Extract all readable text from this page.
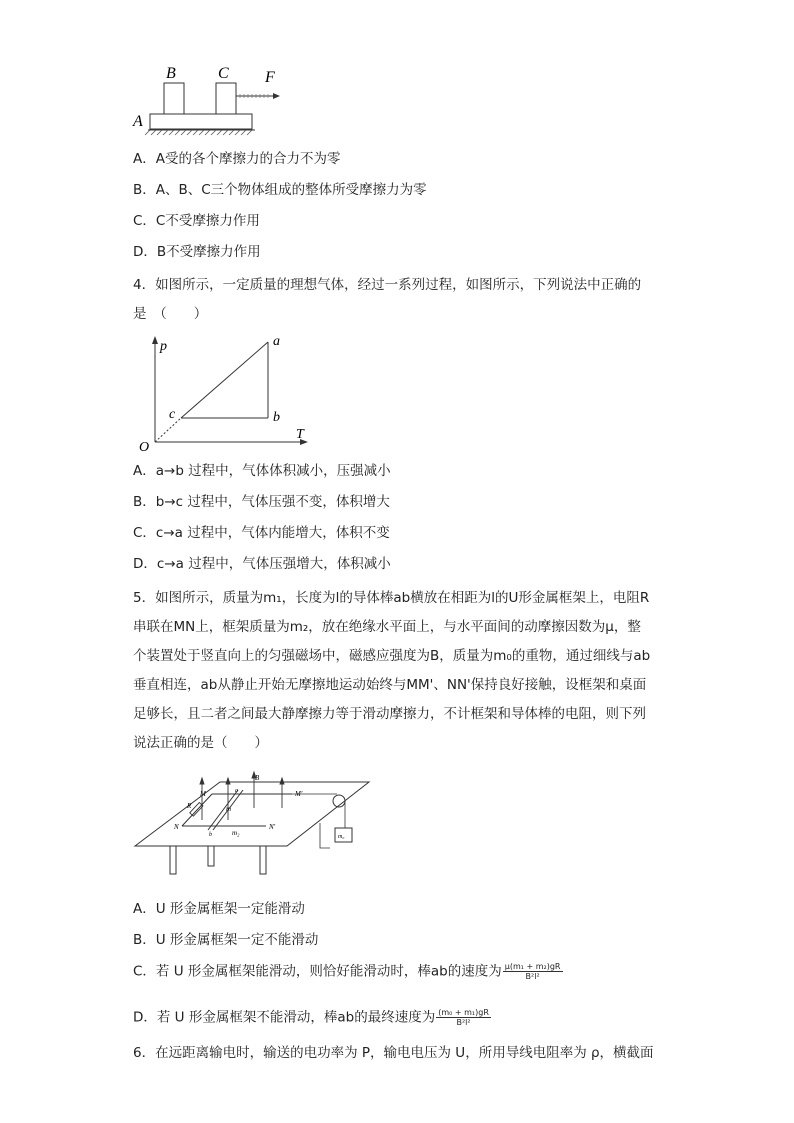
B	C F
A
A．A受的各个摩擦力的合力不为零
B．A、B、C三个物体组成的整体所受摩擦力为零
C．C不受摩擦力作用
D．B不受摩擦力作用
4．如图所示，一定质量的理想气体，经过一系列过程，如图所示，下列说法中正确的
是　（　　）
p
T
O
a
b
c
A．a→b 过程中，气体体积减小，压强减小
B．b→c 过程中，气体压强不变，体积增大
C．c→a 过程中，气体内能增大，体积不变
D．c→a 过程中，气体压强增大，体积减小
5．如图所示，质量为m₁，长度为l的导体棒ab横放在相距为l的U形金属框架上，电阻R
串联在MN上，框架质量为m₂，放在绝缘水平面上，与水平面间的动摩擦因数为μ，整
个装置处于竖直向上的匀强磁场中，磁感应强度为B，质量为m₀的重物，通过细线与ab
垂直相连，ab从静止开始无摩擦地运动始终与MM'、NN'保持良好接触，设框架和桌面
足够长，且二者之间最大静摩擦力等于滑动摩擦力，不计框架和导体棒的电阻，则下列
说法正确的是（　　）
B
M	M'
N	N'
R
a
b
m
m₂	m₀
A．U 形金属框架一定能滑动
B．U 形金属框架一定不能滑动
C．若 U 形金属框架能滑动，则恰好能滑动时，棒ab的速度为 $\frac{\text{μ(m₁ + m₂)gR}}{\text{B²l²}}$
D．若 U 形金属框架不能滑动，棒ab的最终速度为 $\frac{\text{(m₀ + m₁)gR}}{\text{B²l²}}$
6．在远距离输电时，输送的电功率为 P，输电电压为 U，所用导线电阻率为 ρ，横截面
